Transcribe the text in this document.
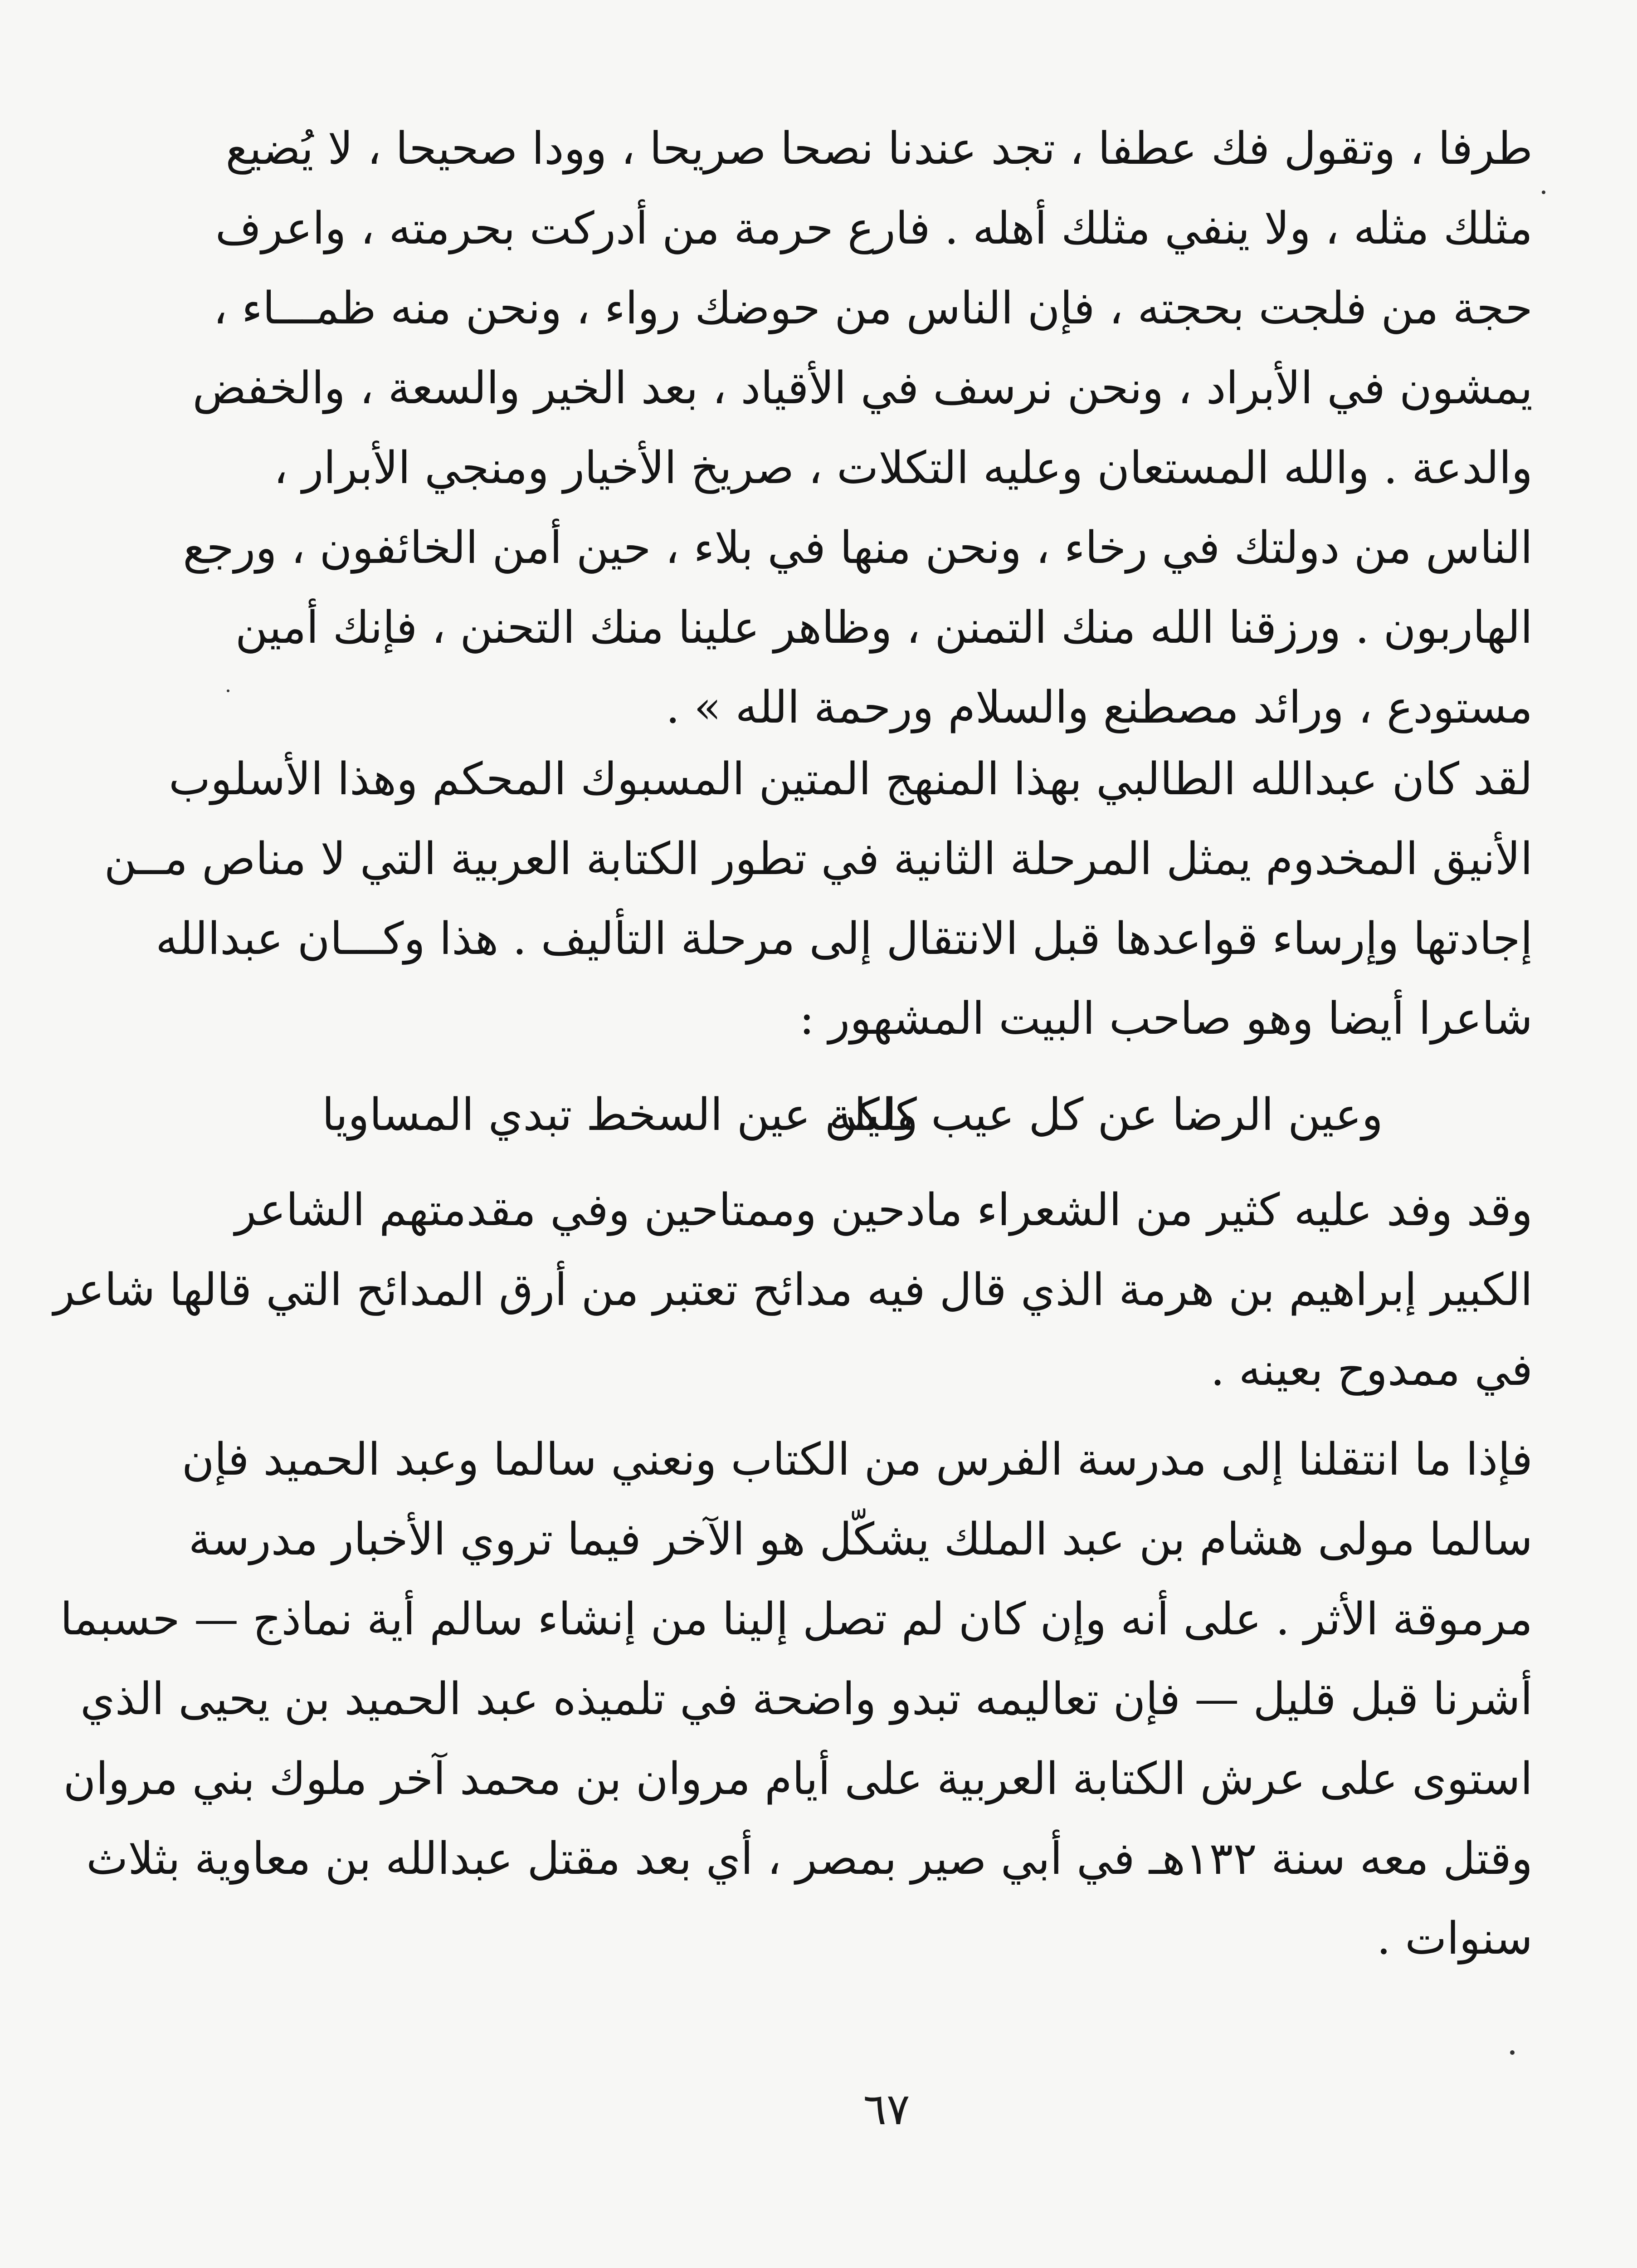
طرفا ، وتقول فك عطفا ، تجد عندنا نصحا صريحا ، وودا صحيحا ، لا يُضيع
مثلك مثله ، ولا ينفي مثلك أهله . فارع حرمة من أدركت بحرمته ، واعرف
حجة من فلجت بحجته ، فإن الناس من حوضك رواء ، ونحن منه ظمـــاء ،
يمشون في الأبراد ، ونحن نرسف في الأقياد ، بعد الخير والسعة ، والخفض
والدعة . والله المستعان وعليه التكلات ، صريخ الأخيار ومنجي الأبرار ،
الناس من دولتك في رخاء ، ونحن منها في بلاء ، حين أمن الخائفون ، ورجع
الهاربون . ورزقنا الله منك التمنن ، وظاهر علينا منك التحنن ، فإنك أمين
مستودع ، ورائد مصطنع والسلام ورحمة الله » .
لقد كان عبدالله الطالبي بهذا المنهج المتين المسبوك المحكم وهذا الأسلوب
الأنيق المخدوم يمثل المرحلة الثانية في تطور الكتابة العربية التي لا مناص مــن
إجادتها وإرساء قواعدها قبل الانتقال إلى مرحلة التأليف . هذا وكـــان عبدالله
شاعرا أيضا وهو صاحب البيت المشهور :
وعين الرضا عن كل عيب كليلة
ولكن عين السخط تبدي المساويا
وقد وفد عليه كثير من الشعراء مادحين وممتاحين وفي مقدمتهم الشاعر
الكبير إبراهيم بن هرمة الذي قال فيه مدائح تعتبر من أرق المدائح التي قالها شاعر
في ممدوح بعينه .
فإذا ما انتقلنا إلى مدرسة الفرس من الكتاب ونعني سالما وعبد الحميد فإن
سالما مولى هشام بن عبد الملك يشكّل هو الآخر فيما تروي الأخبار مدرسة
مرموقة الأثر . على أنه وإن كان لم تصل إلينا من إنشاء سالم أية نماذج — حسبما
أشرنا قبل قليل — فإن تعاليمه تبدو واضحة في تلميذه عبد الحميد بن يحيى الذي
استوى على عرش الكتابة العربية على أيام مروان بن محمد آخر ملوك بني مروان
وقتل معه سنة ١٣٢هـ في أبي صير بمصر ، أي بعد مقتل عبدالله بن معاوية بثلاث
سنوات .
٦٧
